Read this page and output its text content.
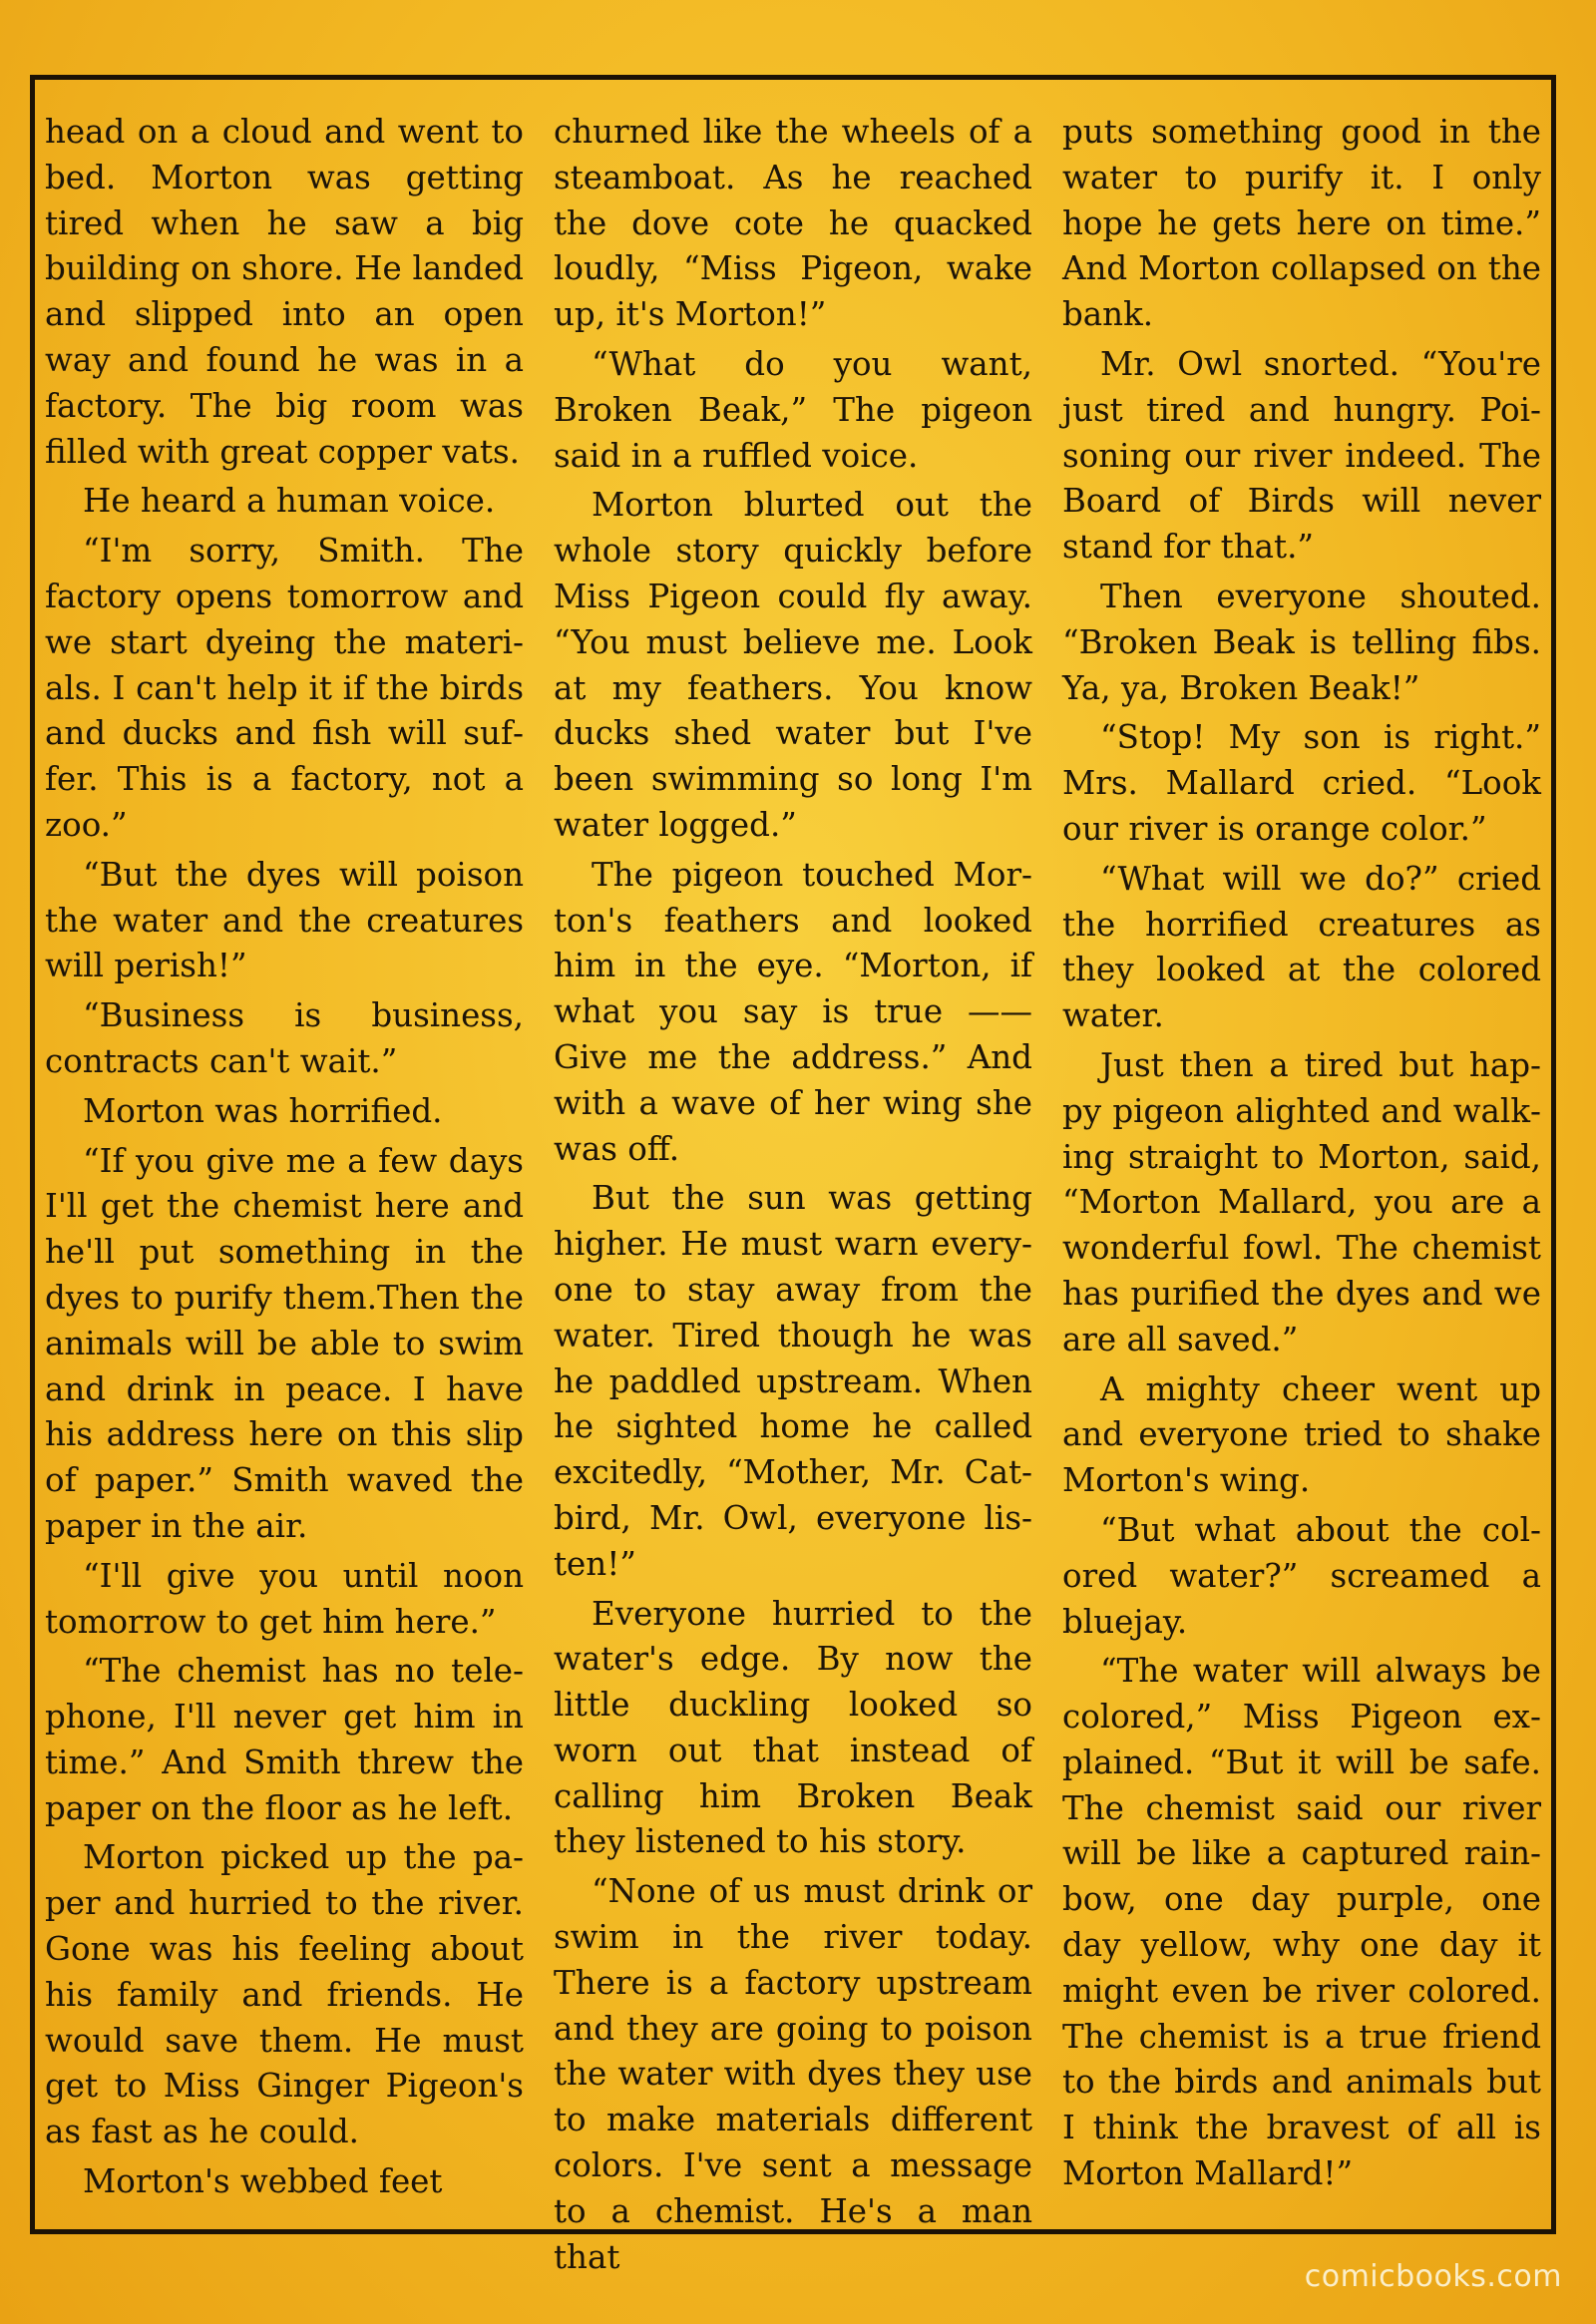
head on a cloud and went to bed. Morton was getting tired when he saw a big building on shore. He landed and slipped into an open way and found he was in a factory. The big room was filled with great copper vats.

He heard a human voice.

“I'm sorry, Smith. The factory opens tomorrow and we start dyeing the materials. I can't help it if the birds and ducks and fish will suffer. This is a factory, not a zoo.”

“But the dyes will poison the water and the creatures will perish!”

“Business is business, contracts can't wait.”

Morton was horrified.

“If you give me a few days I'll get the chemist here and he'll put something in the dyes to purify them.Then the animals will be able to swim and drink in peace. I have his address here on this slip of paper.” Smith waved the paper in the air.

“I'll give you until noon tomorrow to get him here.”

“The chemist has no telephone, I'll never get him in time.” And Smith threw the paper on the floor as he left.

Morton picked up the paper and hurried to the river. Gone was his feeling about his family and friends. He would save them. He must get to Miss Ginger Pigeon's as fast as he could.

Morton's webbed feet

churned like the wheels of a steamboat. As he reached the dove cote he quacked loudly, “Miss Pigeon, wake up, it's Morton!”

“What do you want, Broken Beak,” The pigeon said in a ruffled voice.

Morton blurted out the whole story quickly before Miss Pigeon could fly away. “You must believe me. Look at my feathers. You know ducks shed water but I've been swimming so long I'm water logged.”

The pigeon touched Morton's feathers and looked him in the eye. “Morton, if what you say is true —— Give me the address.” And with a wave of her wing she was off.

But the sun was getting higher. He must warn everyone to stay away from the water. Tired though he was he paddled upstream. When he sighted home he called excitedly, “Mother, Mr. Catbird, Mr. Owl, everyone listen!”

Everyone hurried to the water's edge. By now the little duckling looked so worn out that instead of calling him Broken Beak they listened to his story.

“None of us must drink or swim in the river today. There is a factory upstream and they are going to poison the water with dyes they use to make materials different colors. I've sent a message to a chemist. He's a man that

puts something good in the water to purify it. I only hope he gets here on time.” And Morton collapsed on the bank.

Mr. Owl snorted. “You're just tired and hungry. Poisoning our river indeed. The Board of Birds will never stand for that.”

Then everyone shouted. “Broken Beak is telling fibs. Ya, ya, Broken Beak!”

“Stop! My son is right.” Mrs. Mallard cried. “Look our river is orange color.”

“What will we do?” cried the horrified creatures as they looked at the colored water.

Just then a tired but happy pigeon alighted and walking straight to Morton, said, “Morton Mallard, you are a wonderful fowl. The chemist has purified the dyes and we are all saved.”

A mighty cheer went up and everyone tried to shake Morton's wing.

“But what about the colored water?” screamed a bluejay.

“The water will always be colored,” Miss Pigeon explained. “But it will be safe. The chemist said our river will be like a captured rainbow, one day purple, one day yellow, why one day it might even be river colored. The chemist is a true friend to the birds and animals but I think the bravest of all is Morton Mallard!”

comicbooks.com
